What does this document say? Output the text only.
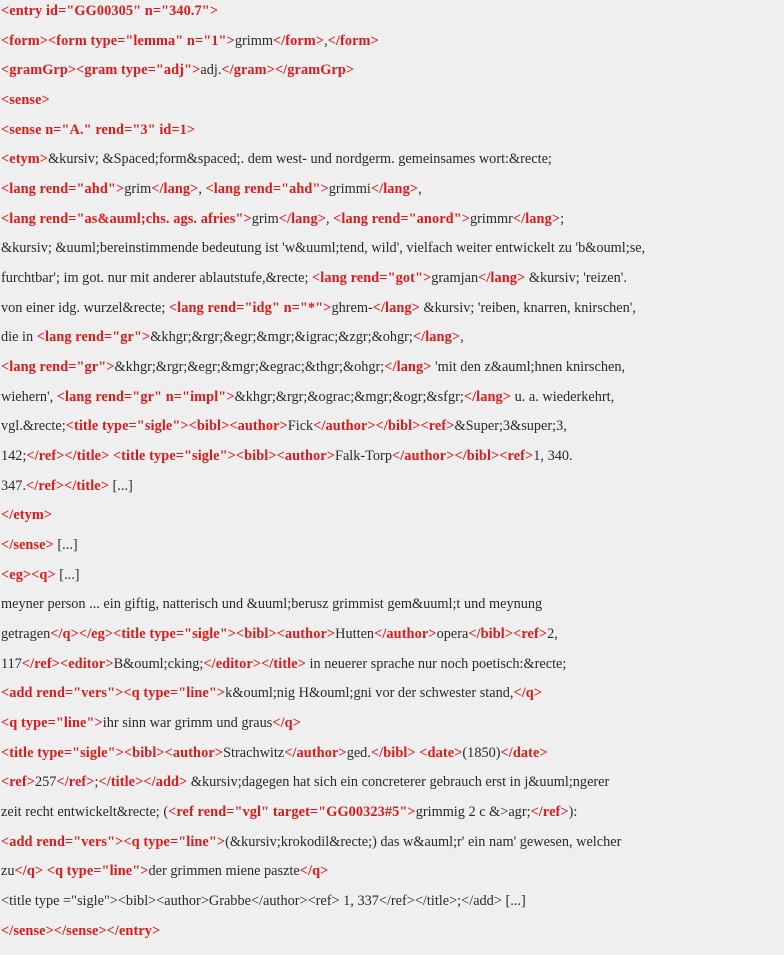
<entry id="GG00305" n="340.7">
<form><form type="lemma" n="1">grimm</form>,</form>
<gramGrp><gram type="adj">adj.</gram></gramGrp>
<sense>
<sense n="A." rend="3" id=1>
<etym>&kursiv; &Spaced;form&spaced;. dem west- und nordgerm. gemeinsames wort:&recte;
<lang rend="ahd">grim</lang>, <lang rend="ahd">grimmi</lang>,
<lang rend="as&auml;chs. ags. afries">grim</lang>, <lang rend="anord">grimmr</lang>;
&kursiv; &uuml;bereinstimmende bedeutung ist 'w&uuml;tend, wild', vielfach weiter entwickelt zu 'b&ouml;se,
furchtbar'; im got. nur mit anderer ablautstufe,&recte; <lang rend="got">gramjan</lang> &kursiv; 'reizen'.
von einer idg. wurzel&recte; <lang rend="idg" n="*">ghrem-</lang> &kursiv; 'reiben, knarren, knirschen',
die in <lang rend="gr">&khgr;&rgr;&egr;&mgr;&igrac;&zgr;&ohgr;</lang>,
<lang rend="gr">&khgr;&rgr;&egr;&mgr;&egrac;&thgr;&ohgr;</lang> 'mit den z&auml;hnen knirschen,
wiehern', <lang rend="gr" n="impl">&khgr;&rgr;&ograc;&mgr;&ogr;&sfgr;</lang> u. a. wiederkehrt,
vgl.&recte;<title type="sigle"><bibl><author>Fick</author></bibl><ref>&Super;3&super;3,
142;</ref></title> <title type="sigle"><bibl><author>Falk-Torp</author></bibl><ref>1, 340.
347.</ref></title> [...]
</etym>
</sense> [...]
<eg><q> [...]
meyner person ... ein giftig, natterisch und &uuml;berusz grimmist gem&uuml;t und meynung
getragen</q></eg><title type="sigle"><bibl><author>Hutten</author>opera</bibl><ref>2,
117</ref><editor>B&ouml;cking;</editor></title> in neuerer sprache nur noch poetisch:&recte;
<add rend="vers"><q type="line">k&ouml;nig H&ouml;gni vor der schwester stand,</q>
<q type="line">ihr sinn war grimm und graus</q>
<title type="sigle"><bibl><author>Strachwitz</author>ged.</bibl> <date>(1850)</date>
<ref>257</ref>;</title></add> &kursiv;dagegen hat sich ein concreterer gebrauch erst in j&uuml;ngerer
zeit recht entwickelt&recte; (<ref rend="vgl" target="GG00323#5">grimmig 2 c &>agr;</ref>):
<add rend="vers"><q type="line">(&kursiv;krokodil&recte;) das w&auml;r' ein nam' gewesen, welcher
zu</q> <q type="line">der grimmen miene paszte</q>
<title type ="sigle"><bibl><author>Grabbe</author><ref> 1, 337</ref></title>;</add> [...]
</sense></sense></entry>
